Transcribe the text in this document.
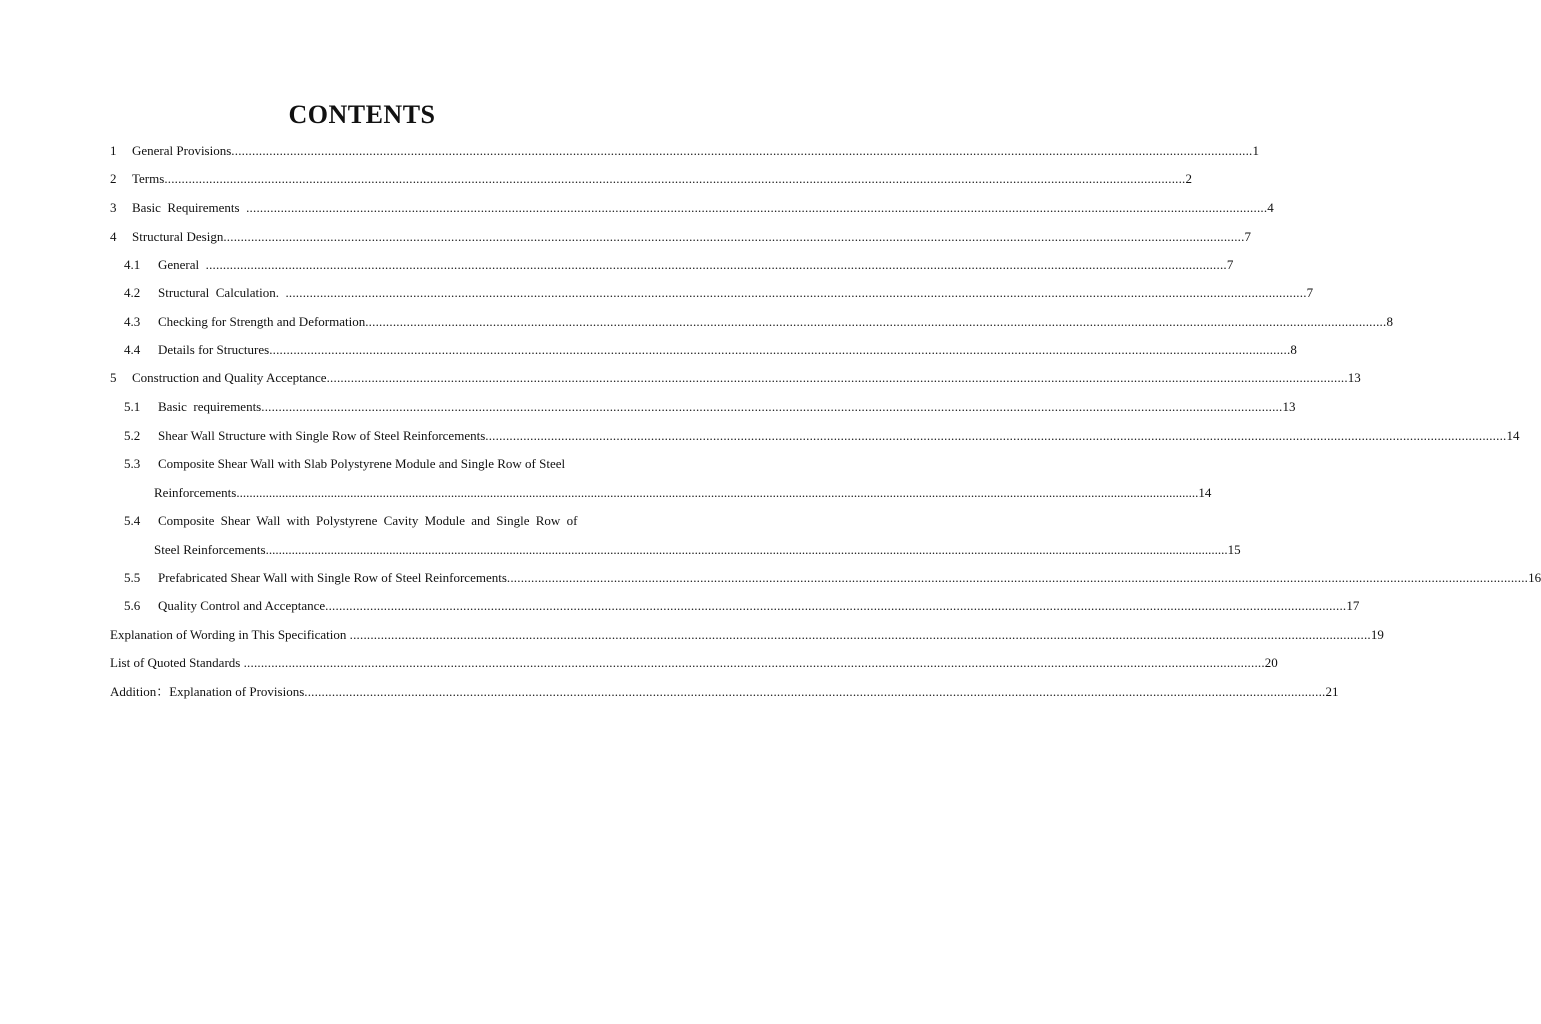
CONTENTS
1	General Provisions .....	1
2	Terms .....	2
3	Basic  Requirements .....	4
4	Structural Design .....	7
4.1	General .....	7
4.2	Structural  Calculation. .....	7
4.3	Checking for Strength and Deformation .....	8
4.4	Details for Structures .....	8
5	Construction and Quality Acceptance .....	13
5.1	Basic  requirements .....	13
5.2	Shear Wall Structure with Single Row of Steel Reinforcements .....	14
5.3 Composite Shear Wall with Slab Polystyrene Module and Single Row of Steel
Reinforcements .....	14
5.4 Composite Shear Wall with Polystyrene Cavity Module and Single Row of
Steel Reinforcements .....	15
5.5	Prefabricated Shear Wall with Single Row of Steel Reinforcements .....	16
5.6	Quality Control and Acceptance .....	17
Explanation of Wording in This Specification .....	19
List of Quoted Standards .....	20
Addition：Explanation of Provisions .....	21
